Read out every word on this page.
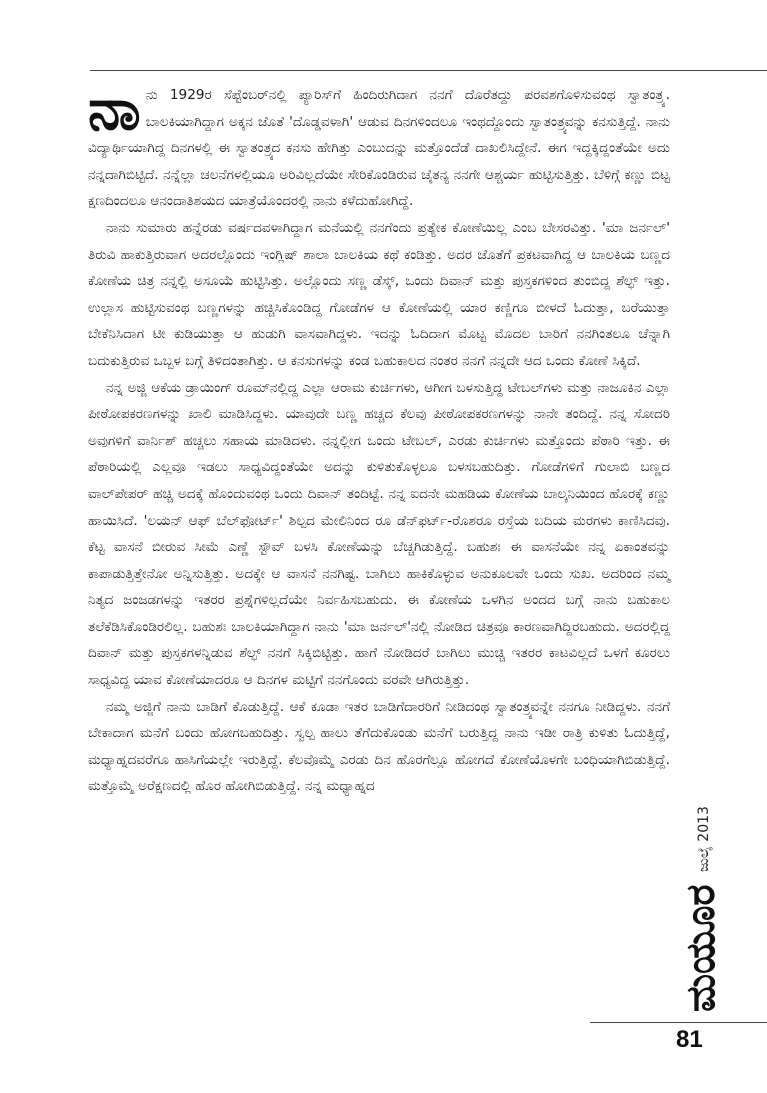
ನಾ ನು 1929ರ ಸೆಪ್ಟೆಂಬರ್‌ನಲ್ಲಿ ಪ್ಯಾರಿಸ್‌ಗೆ ಹಿಂದಿರುಗಿದಾಗ ನನಗೆ ದೊರೆತದ್ದು ಪರವಶಗೊಳಿಸುವಂಥ ಸ್ವಾತಂತ್ರ್ಯ. ಬಾಲಕಿಯಾಗಿದ್ದಾಗ ಅಕ್ಕನ ಜೊತೆ 'ದೊಡ್ಡವಳಾಗಿ' ಆಡುವ ದಿನಗಳಿಂದಲೂ ಇಂಥದ್ದೊಂದು ಸ್ವಾತಂತ್ರ್ಯವನ್ನು ಕನಸುತ್ತಿದ್ದೆ. ನಾನು ವಿದ್ಯಾರ್ಥಿಯಾಗಿದ್ದ ದಿನಗಳಲ್ಲಿ ಈ ಸ್ವಾತಂತ್ರ್ಯದ ಕನಸು ಹೇಗಿತ್ತು ಎಂಬುದನ್ನು ಮತ್ತೊಂದೆಡೆ ದಾಖಲಿಸಿದ್ದೇನೆ. ಈಗ ಇದ್ದಕ್ಕಿದ್ದಂತೆಯೇ ಅದು ನನ್ನದಾಗಿಬಿಟ್ಟಿದೆ. ನನ್ನೆಲ್ಲಾ ಚಲನೆಗಳಲ್ಲಿಯೂ ಅರಿವಿಲ್ಲದೆಯೇ ಸೇರಿಕೊಂಡಿರುವ ಚೈತನ್ಯ ನನಗೇ ಆಶ್ಚರ್ಯ ಹುಟ್ಟಿಸುತ್ತಿತ್ತು. ಬೆಳಿಗ್ಗೆ ಕಣ್ಣು ಬಿಟ್ಟ ಕ್ಷಣದಿಂದಲೂ ಆನಂದಾತಿಶಯದ ಯಾತ್ರೆಯೊಂದರಲ್ಲಿ ನಾನು ಕಳೆದುಹೋಗಿದ್ದೆ.

ನಾನು ಸುಮಾರು ಹನ್ನೆರಡು ವರ್ಷದವಳಾಗಿದ್ದಾಗ ಮನೆಯಲ್ಲಿ ನನಗೆಂದು ಪ್ರತ್ಯೇಕ ಕೋಣೆಯಿಲ್ಲ ಎಂಬ ಬೇಸರವಿತ್ತು. 'ಮಾ ಜರ್ನಲ್' ತಿರುವಿ ಹಾಕುತ್ತಿರುವಾಗ ಅದರಲ್ಲೊಂದು ಇಂಗ್ಲಿಷ್ ಶಾಲಾ ಬಾಲಕಿಯ ಕಥೆ ಕಂಡಿತ್ತು. ಅದರ ಜೊತೆಗೆ ಪ್ರಕಟವಾಗಿದ್ದ ಆ ಬಾಲಕಿಯ ಬಣ್ಣದ ಕೋಣೆಯ ಚಿತ್ರ ನನ್ನಲ್ಲಿ ಅಸೂಯೆ ಹುಟ್ಟಿಸಿತ್ತು. ಅಲ್ಲೊಂದು ಸಣ್ಣ ಡೆಸ್ಕ್, ಒಂದು ದಿವಾನ್ ಮತ್ತು ಪುಸ್ತಕಗಳಿಂದ ತುಂಬಿದ್ದ ಶೆಲ್ಫ್ ಇತ್ತು. ಉಲ್ಲಾಸ ಹುಟ್ಟಿಸುವಂಥ ಬಣ್ಣಗಳನ್ನು ಹಚ್ಚಿಸಿಕೊಂಡಿದ್ದ ಗೋಡೆಗಳ ಆ ಕೋಣೆಯಲ್ಲಿ ಯಾರ ಕಣ್ಣಿಗೂ ಬೀಳದೆ ಓದುತ್ತಾ, ಬರೆಯುತ್ತಾ ಬೇಕೆನಿಸಿದಾಗ ಟೀ ಕುಡಿಯುತ್ತಾ ಆ ಹುಡುಗಿ ವಾಸವಾಗಿದ್ದಳು. ಇದನ್ನು ಓದಿದಾಗ ಮೊಟ್ಟ ಮೊದಲ ಬಾರಿಗೆ ನನಗಿಂತಲೂ ಚೆನ್ನಾಗಿ ಬದುಕುತ್ತಿರುವ ಒಬ್ಬಳ ಬಗ್ಗೆ ತಿಳಿದಂತಾಗಿತ್ತು. ಆ ಕನಸುಗಳನ್ನು ಕಂಡ ಬಹುಕಾಲದ ನಂತರ ನನಗೆ ನನ್ನದೇ ಆದ ಒಂದು ಕೋಣೆ ಸಿಕ್ಕಿದೆ.

ನನ್ನ ಅಜ್ಜಿ ಆಕೆಯ ಡ್ರಾಯಿಂಗ್ ರೂಮ್‌ನಲ್ಲಿದ್ದ ಎಲ್ಲಾ ಆರಾಮ ಕುರ್ಚಿಗಳು, ಆಗೀಗ ಬಳಸುತ್ತಿದ್ದ ಟೇಬಲ್‌ಗಳು ಮತ್ತು ನಾಜೂಕಿನ ಎಲ್ಲಾ ಪೀಠೋಪಕರಣಗಳನ್ನು ಖಾಲಿ ಮಾಡಿಸಿದ್ದಳು. ಯಾವುದೇ ಬಣ್ಣ ಹಚ್ಚದ ಕೆಲವು ಪೀಠೋಪಕರಣಗಳನ್ನು ನಾನೇ ತಂದಿದ್ದೆ. ನನ್ನ ಸೋದರಿ ಅವುಗಳಿಗೆ ವಾರ್ನಿಶ್ ಹಚ್ಚಲು ಸಹಾಯ ಮಾಡಿದಳು. ನನ್ನಲ್ಲೀಗ ಒಂದು ಟೇಬಲ್, ಎರಡು ಕುರ್ಚಿಗಳು ಮತ್ತೊಂದು ಪೆಠಾರಿ ಇತ್ತು. ಈ ಪೆಠಾರಿಯಲ್ಲಿ ಎಲ್ಲವೂ ಇಡಲು ಸಾಧ್ಯವಿದ್ದಂತೆಯೇ ಅದನ್ನು ಕುಳಿತುಕೊಳ್ಳಲೂ ಬಳಸಬಹುದಿತ್ತು. ಗೋಡೆಗಳಿಗೆ ಗುಲಾಬಿ ಬಣ್ಣದ ವಾಲ್‌ಪೇಪರ್ ಹಚ್ಚಿ ಅದಕ್ಕೆ ಹೊಂದುವಂಥ ಒಂದು ದಿವಾನ್ ತಂದಿಟ್ಟೆ. ನನ್ನ ಐದನೇ ಮಹಡಿಯ ಕೋಣೆಯ ಬಾಲ್ಕನಿಯಿಂದ ಹೊರಕ್ಕೆ ಕಣ್ಣು ಹಾಯಿಸಿದೆ. 'ಲಯನ್ ಆಫ್ ಬೆಲ್‌ಫೋರ್ಟ್' ಶಿಲ್ಪದ ಮೇಲಿನಿಂದ ರೂ ಡೆನ್‌ಫರ್ಟ್-ರೊಶರೂ ರಸ್ತೆಯ ಬದಿಯ ಮರಗಳು ಕಾಣಿಸಿದವು. ಕೆಟ್ಟ ವಾಸನೆ ಬೀರುವ ಸೀಮೆ ಎಣ್ಣೆ ಸ್ಟೌವ್ ಬಳಸಿ ಕೋಣೆಯನ್ನು ಬೆಚ್ಚಗಿಡುತ್ತಿದ್ದೆ. ಬಹುಶಃ ಈ ವಾಸನೆಯೇ ನನ್ನ ಏಕಾಂತವನ್ನು ಕಾಪಾಡುತ್ತಿತ್ತೇನೋ ಅನ್ನಿಸುತ್ತಿತ್ತು. ಅದಕ್ಕೇ ಆ ವಾಸನೆ ನನಗಿಷ್ಟ. ಬಾಗಿಲು ಹಾಕಿಕೊಳ್ಳುವ ಅನುಕೂಲವೇ ಒಂದು ಸುಖ. ಅದರಿಂದ ನಮ್ಮ ನಿತ್ಯದ ಜಂಜಡಗಳನ್ನು ಇತರರ ಪ್ರಶ್ನೆಗಳಿಲ್ಲದೆಯೇ ನಿರ್ವಹಿಸಬಹುದು. ಈ ಕೋಣೆಯ ಒಳಗಿನ ಅಂದದ ಬಗ್ಗೆ ನಾನು ಬಹುಕಾಲ ತಲೆಕೆಡಿಸಿಕೊಂಡಿರಲಿಲ್ಲ. ಬಹುಶಃ ಬಾಲಕಿಯಾಗಿದ್ದಾಗ ನಾನು 'ಮಾ ಜರ್ನಲ್'ನಲ್ಲಿ ನೋಡಿದ ಚಿತ್ರವೂ ಕಾರಣವಾಗಿದ್ದಿರಬಹುದು. ಅದರಲ್ಲಿದ್ದ ದಿವಾನ್ ಮತ್ತು ಪುಸ್ತಕಗಳನ್ನಿಡುವ ಶೆಲ್ಫ್ ನನಗೆ ಸಿಕ್ಕಿಬಿಟ್ಟಿತ್ತು. ಹಾಗೆ ನೋಡಿದರೆ ಬಾಗಿಲು ಮುಚ್ಚಿ ಇತರರ ಕಾಟವಿಲ್ಲದೆ ಒಳಗೆ ಕೂರಲು ಸಾಧ್ಯವಿದ್ದ ಯಾವ ಕೋಣೆಯಾದರೂ ಆ ದಿನಗಳ ಮಟ್ಟಿಗೆ ನನಗೊಂದು ವರವೇ ಆಗಿರುತ್ತಿತ್ತು.

ನಮ್ಮ ಅಜ್ಜಿಗೆ ನಾನು ಬಾಡಿಗೆ ಕೊಡುತ್ತಿದ್ದೆ. ಆಕೆ ಕೂಡಾ ಇತರ ಬಾಡಿಗೆದಾರರಿಗೆ ನೀಡಿದಂಥ ಸ್ವಾತಂತ್ರ್ಯವನ್ನೇ ನನಗೂ ನೀಡಿದ್ದಳು. ನನಗೆ ಬೇಕಾದಾಗ ಮನೆಗೆ ಬಂದು ಹೋಗಬಹುದಿತ್ತು. ಸ್ವಲ್ಪ ಹಾಲು ತೆಗೆದುಕೊಂಡು ಮನೆಗೆ ಬರುತ್ತಿದ್ದ ನಾನು ಇಡೀ ರಾತ್ರಿ ಕುಳಿತು ಓದುತ್ತಿದ್ದೆ, ಮಧ್ಯಾಹ್ನದವರೆಗೂ ಹಾಸಿಗೆಯಲ್ಲೇ ಇರುತ್ತಿದ್ದೆ. ಕೆಲವೊಮ್ಮೆ ಎರಡು ದಿನ ಹೊರಗೆಲ್ಲೂ ಹೋಗದೆ ಕೋಣೆಯೊಳಗೇ ಬಂಧಿಯಾಗಿಬಿಡುತ್ತಿದ್ದೆ. ಮತ್ತೊಮ್ಮೆ ಅರೆಕ್ಷಣದಲ್ಲಿ ಹೊರ ಹೋಗಿಬಿಡುತ್ತಿದ್ದೆ. ನನ್ನ ಮಧ್ಯಾಹ್ನದ

ಜುಲೈ 2013
ಮಯೂರ
81
